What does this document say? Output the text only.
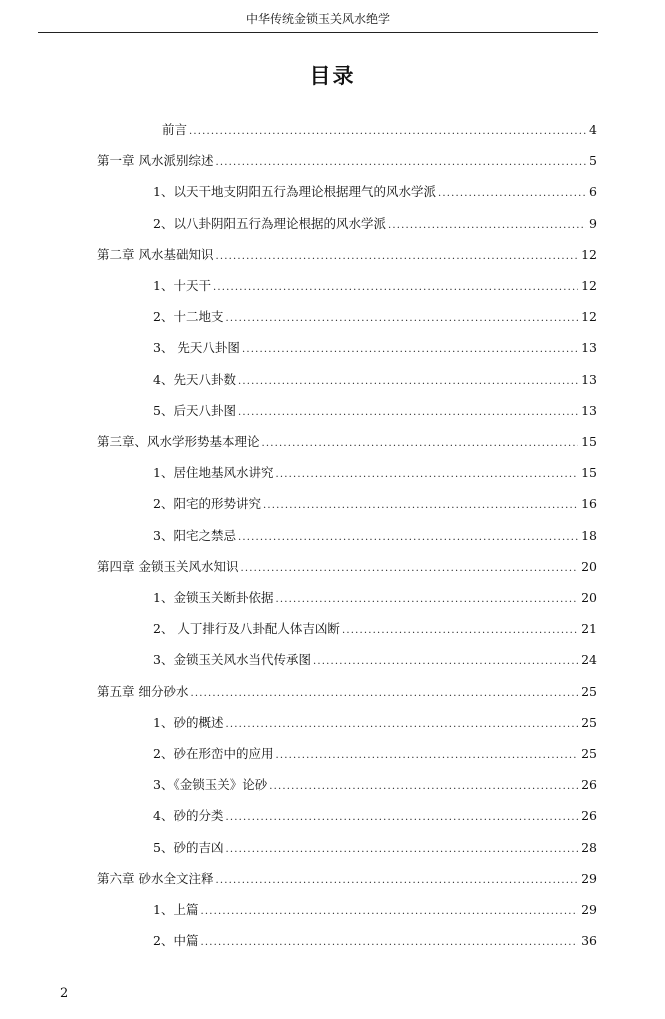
中华传统金锁玉关风水绝学
目录
前言 .....	4
第一章 风水派别综述 .....	5
1、以天干地支阴阳五行為理论根据理气的风水学派 .....	6
2、以八卦阴阳五行為理论根据的风水学派 .....	9
第二章 风水基础知识 .....	12
1、十天干 .....	12
2、十二地支 .....	12
3、 先天八卦图 .....	13
4、先天八卦数 .....	13
5、后天八卦图 .....	13
第三章、风水学形势基本理论 .....	15
1、居住地基风水讲究 .....	15
2、阳宅的形势讲究 .....	16
3、阳宅之禁忌 .....	18
第四章 金锁玉关风水知识 .....	20
1、金锁玉关断卦依据 .....	20
2、 人丁排行及八卦配人体吉凶断 .....	21
3、金锁玉关风水当代传承图 .....	24
第五章 细分砂水 .....	25
1、砂的概述 .....	25
2、砂在形峦中的应用 .....	25
3、《金锁玉关》论砂 .....	26
4、砂的分类 .....	26
5、砂的吉凶 .....	28
第六章 砂水全文注释 .....	29
1、上篇 .....	29
2、中篇 .....	36
2
